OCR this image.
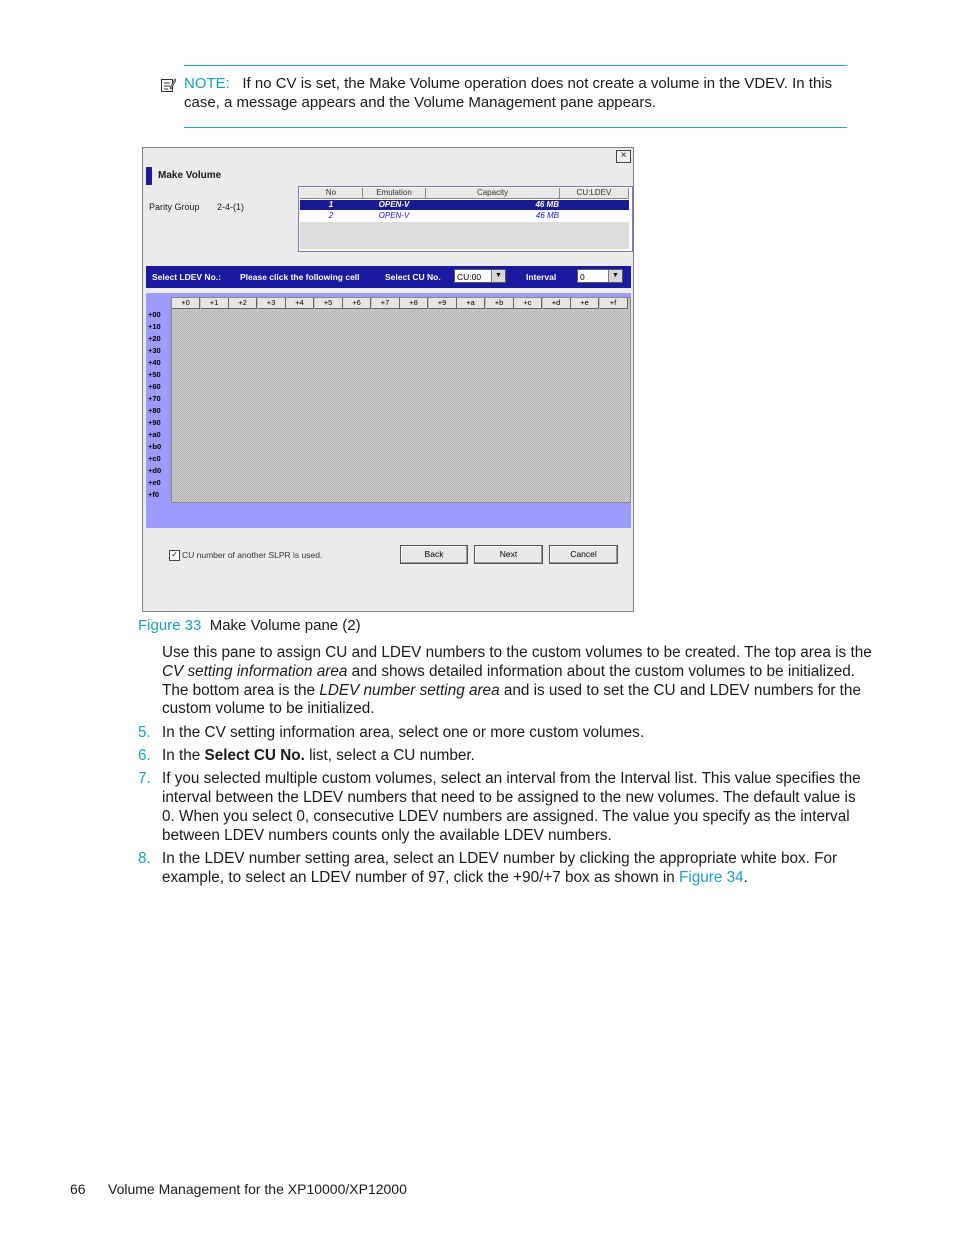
NOTE: If no CV is set, the Make Volume operation does not create a volume in the VDEV. In this
case, a message appears and the Volume Management pane appears.
×
Make Volume
Parity Group 2-4-(1)
No	Emulation	Capacity	CU:LDEV
1	OPEN-V	46 MB
2	OPEN-V	46 MB
Select LDEV No.: Please click the following cell	Select CU No.	CU:00	▼	Interval	0	▼
+0	+1	+2	+3	+4	+5	+6	+7	+8	+9	+a	+b	+c	+d	+e	+f
+00
+10
+20
+30
+40
+50
+60
+70
+80
+90
+a0
+b0
+c0
+d0
+e0
+f0
✓ CU number of another SLPR is used.	Back	Next	Cancel
Figure 33 Make Volume pane (2)
Use this pane to assign CU and LDEV numbers to the custom volumes to be created. The top area is the
CV setting information area and shows detailed information about the custom volumes to be initialized.
The bottom area is the LDEV number setting area and is used to set the CU and LDEV numbers for the
custom volume to be initialized.
5. In the CV setting information area, select one or more custom volumes.
6. In the Select CU No. list, select a CU number.
7. If you selected multiple custom volumes, select an interval from the Interval list. This value specifies the
interval between the LDEV numbers that need to be assigned to the new volumes. The default value is
0. When you select 0, consecutive LDEV numbers are assigned. The value you specify as the interval
between LDEV numbers counts only the available LDEV numbers.
8. In the LDEV number setting area, select an LDEV number by clicking the appropriate white box. For
example, to select an LDEV number of 97, click the +90/+7 box as shown in Figure 34.
66 Volume Management for the XP10000/XP12000
